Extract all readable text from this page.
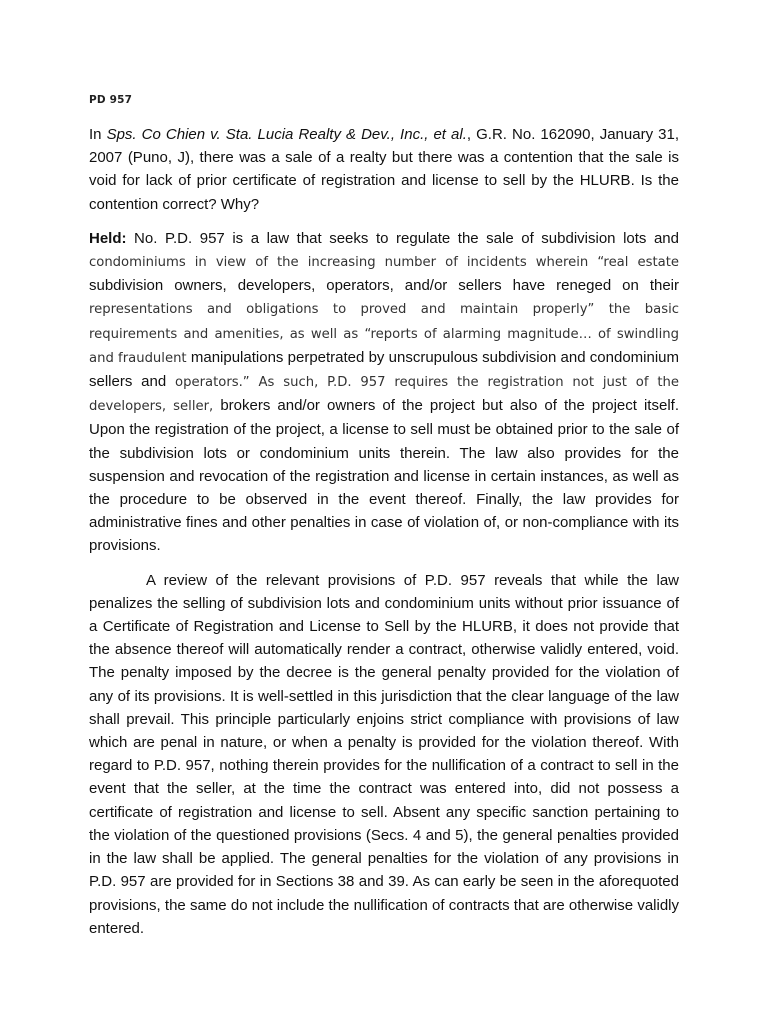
PD 957

In Sps. Co Chien v. Sta. Lucia Realty & Dev., Inc., et al., G.R. No. 162090, January 31, 2007 (Puno, J), there was a sale of a realty but there was a contention that the sale is void for lack of prior certificate of registration and license to sell by the HLURB. Is the contention correct? Why?

Held: No. P.D. 957 is a law that seeks to regulate the sale of subdivision lots and condominiums in view of the increasing number of incidents wherein “real estate subdivision owners, developers, operators, and/or sellers have reneged on their representations and obligations to proved and maintain properly” the basic requirements and amenities, as well as “reports of alarming magnitude… of swindling and fraudulent manipulations perpetrated by unscrupulous subdivision and condominium sellers and operators.” As such, P.D. 957 requires the registration not just of the developers, seller, brokers and/or owners of the project but also of the project itself. Upon the registration of the project, a license to sell must be obtained prior to the sale of the subdivision lots or condominium units therein. The law also provides for the suspension and revocation of the registration and license in certain instances, as well as the procedure to be observed in the event thereof. Finally, the law provides for administrative fines and other penalties in case of violation of, or non-compliance with its provisions.

A review of the relevant provisions of P.D. 957 reveals that while the law penalizes the selling of subdivision lots and condominium units without prior issuance of a Certificate of Registration and License to Sell by the HLURB, it does not provide that the absence thereof will automatically render a contract, otherwise validly entered, void. The penalty imposed by the decree is the general penalty provided for the violation of any of its provisions. It is well-settled in this jurisdiction that the clear language of the law shall prevail. This principle particularly enjoins strict compliance with provisions of law which are penal in nature, or when a penalty is provided for the violation thereof. With regard to P.D. 957, nothing therein provides for the nullification of a contract to sell in the event that the seller, at the time the contract was entered into, did not possess a certificate of registration and license to sell. Absent any specific sanction pertaining to the violation of the questioned provisions (Secs. 4 and 5), the general penalties provided in the law shall be applied. The general penalties for the violation of any provisions in P.D. 957 are provided for in Sections 38 and 39. As can early be seen in the aforequoted provisions, the same do not include the nullification of contracts that are otherwise validly entered.
